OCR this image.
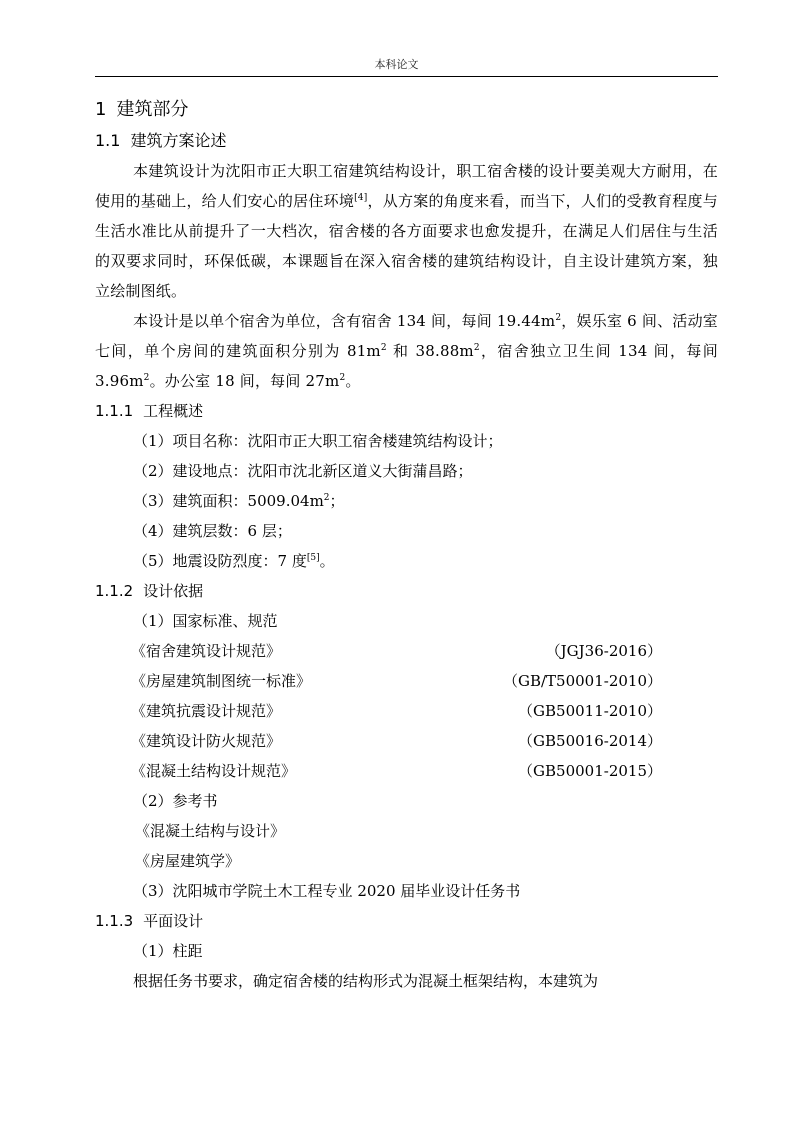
本科论文
1 建筑部分
1.1 建筑方案论述

本建筑设计为沈阳市正大职工宿建筑结构设计，职工宿舍楼的设计要美观大方耐用，在使用的基础上，给人们安心的居住环境[4]，从方案的角度来看，而当下，人们的受教育程度与生活水准比从前提升了一大档次，宿舍楼的各方面要求也愈发提升，在满足人们居住与生活的双要求同时，环保低碳，本课题旨在深入宿舍楼的建筑结构设计，自主设计建筑方案，独立绘制图纸。

本设计是以单个宿舍为单位，含有宿舍 134 间，每间 $19.44m^2$，娱乐室 6 间、活动室七间，单个房间的建筑面积分别为 $81m^2$ 和 $38.88m^2$，宿舍独立卫生间 134 间，每间 $3.96m^2$。办公室 18 间，每间 $27m^2$。

1.1.1 工程概述

（1）项目名称：沈阳市正大职工宿舍楼建筑结构设计；

（2）建设地点：沈阳市沈北新区道义大街蒲昌路；

（3）建筑面积：$5009.04m^2$；

（4）建筑层数：6 层；

（5）地震设防烈度：7 度[5]。

1.1.2 设计依据

（1）国家标准、规范

《宿舍建筑设计规范》	（JGJ36-2016）
《房屋建筑制图统一标准》	（GB/T50001-2010）
《建筑抗震设计规范》	（GB50011-2010）
《建筑设计防火规范》	（GB50016-2014）
《混凝土结构设计规范》	（GB50001-2015）

（2）参考书

《混凝土结构与设计》

《房屋建筑学》

（3）沈阳城市学院土木工程专业 2020 届毕业设计任务书

1.1.3 平面设计

（1）柱距

根据任务书要求，确定宿舍楼的结构形式为混凝土框架结构，本建筑为
